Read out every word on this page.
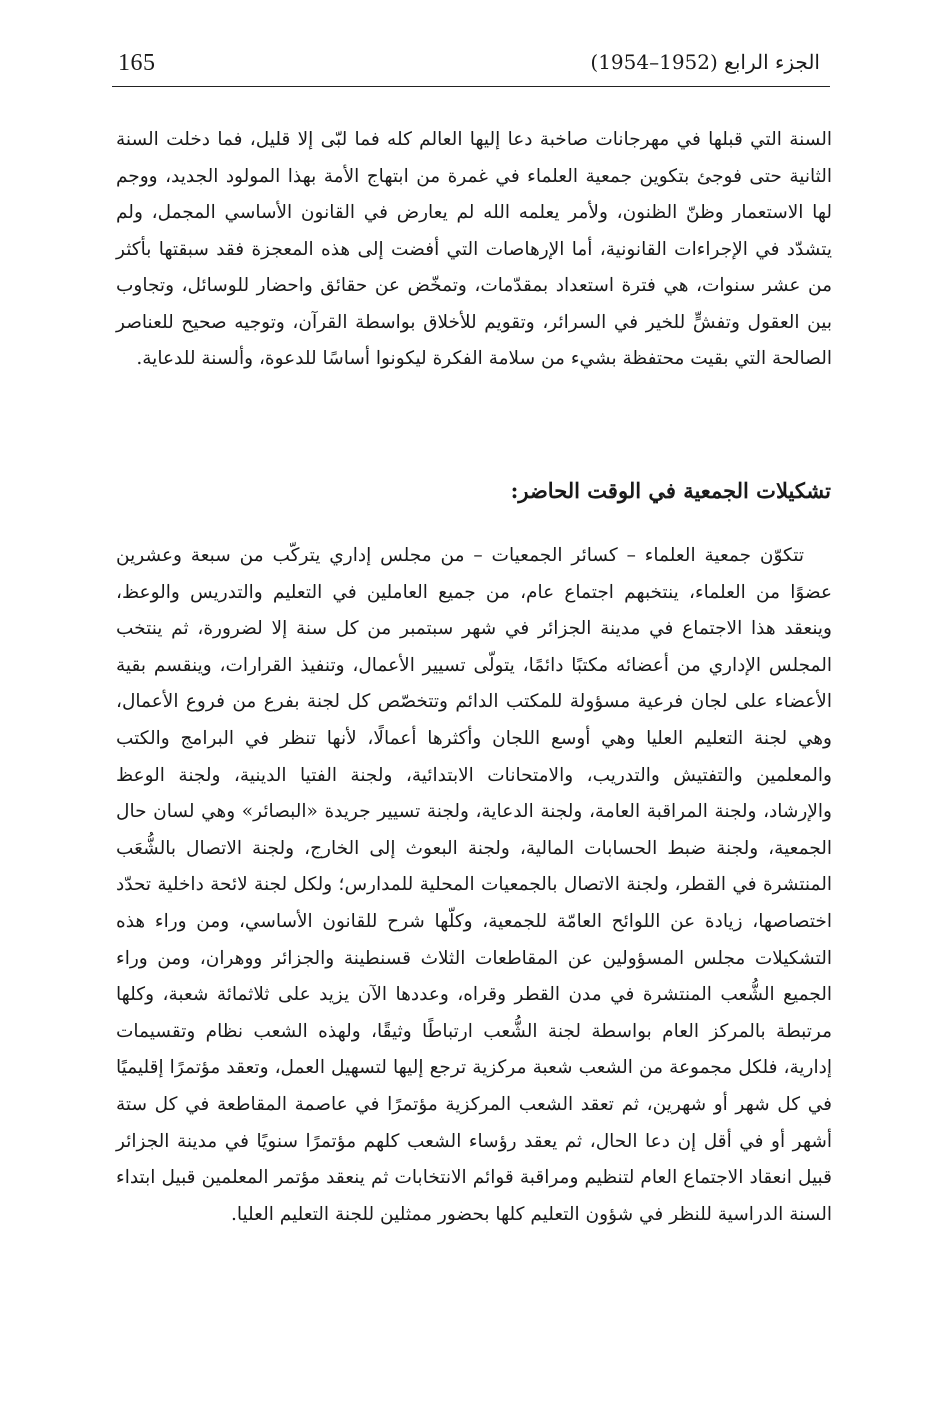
165	الجزء الرابع (1952–1954)

السنة التي قبلها في مهرجانات صاخبة دعا إليها العالم كله فما لبّى إلا قليل، فما دخلت السنة الثانية حتى فوجئ بتكوين جمعية العلماء في غمرة من ابتهاج الأمة بهذا المولود الجديد، ووجم لها الاستعمار وظنّ الظنون، ولأمر يعلمه الله لم يعارض في القانون الأساسي المجمل، ولم يتشدّد في الإجراءات القانونية، أما الإرهاصات التي أفضت إلى هذه المعجزة فقد سبقتها بأكثر من عشر سنوات، هي فترة استعداد بمقدّمات، وتمخّض عن حقائق واحضار للوسائل، وتجاوب بين العقول وتفشٍّ للخير في السرائر، وتقويم للأخلاق بواسطة القرآن، وتوجيه صحيح للعناصر الصالحة التي بقيت محتفظة بشيء من سلامة الفكرة ليكونوا أساسًا للدعوة، وألسنة للدعاية.

تشكيلات الجمعية في الوقت الحاضر:

تتكوّن جمعية العلماء – كسائر الجمعيات – من مجلس إداري يتركّب من سبعة وعشرين عضوًا من العلماء، ينتخبهم اجتماع عام، من جميع العاملين في التعليم والتدريس والوعظ، وينعقد هذا الاجتماع في مدينة الجزائر في شهر سبتمبر من كل سنة إلا لضرورة، ثم ينتخب المجلس الإداري من أعضائه مكتبًا دائمًا، يتولّى تسيير الأعمال، وتنفيذ القرارات، وينقسم بقية الأعضاء على لجان فرعية مسؤولة للمكتب الدائم وتتخصّص كل لجنة بفرع من فروع الأعمال، وهي لجنة التعليم العليا وهي أوسع اللجان وأكثرها أعمالًا، لأنها تنظر في البرامج والكتب والمعلمين والتفتيش والتدريب، والامتحانات الابتدائية، ولجنة الفتيا الدينية، ولجنة الوعظ والإرشاد، ولجنة المراقبة العامة، ولجنة الدعاية، ولجنة تسيير جريدة «البصائر» وهي لسان حال الجمعية، ولجنة ضبط الحسابات المالية، ولجنة البعوث إلى الخارج، ولجنة الاتصال بالشُّعَب المنتشرة في القطر، ولجنة الاتصال بالجمعيات المحلية للمدارس؛ ولكل لجنة لائحة داخلية تحدّد اختصاصها، زيادة عن اللوائح العامّة للجمعية، وكلّها شرح للقانون الأساسي، ومن وراء هذه التشكيلات مجلس المسؤولين عن المقاطعات الثلاث قسنطينة والجزائر ووهران، ومن وراء الجميع الشُّعب المنتشرة في مدن القطر وقراه، وعددها الآن يزيد على ثلاثمائة شعبة، وكلها مرتبطة بالمركز العام بواسطة لجنة الشُّعب ارتباطًا وثيقًا، ولهذه الشعب نظام وتقسيمات إدارية، فلكل مجموعة من الشعب شعبة مركزية ترجع إليها لتسهيل العمل، وتعقد مؤتمرًا إقليميًا في كل شهر أو شهرين، ثم تعقد الشعب المركزية مؤتمرًا في عاصمة المقاطعة في كل ستة أشهر أو في أقل إن دعا الحال، ثم يعقد رؤساء الشعب كلهم مؤتمرًا سنويًا في مدينة الجزائر قبيل انعقاد الاجتماع العام لتنظيم ومراقبة قوائم الانتخابات ثم ينعقد مؤتمر المعلمين قبيل ابتداء السنة الدراسية للنظر في شؤون التعليم كلها بحضور ممثلين للجنة التعليم العليا.
